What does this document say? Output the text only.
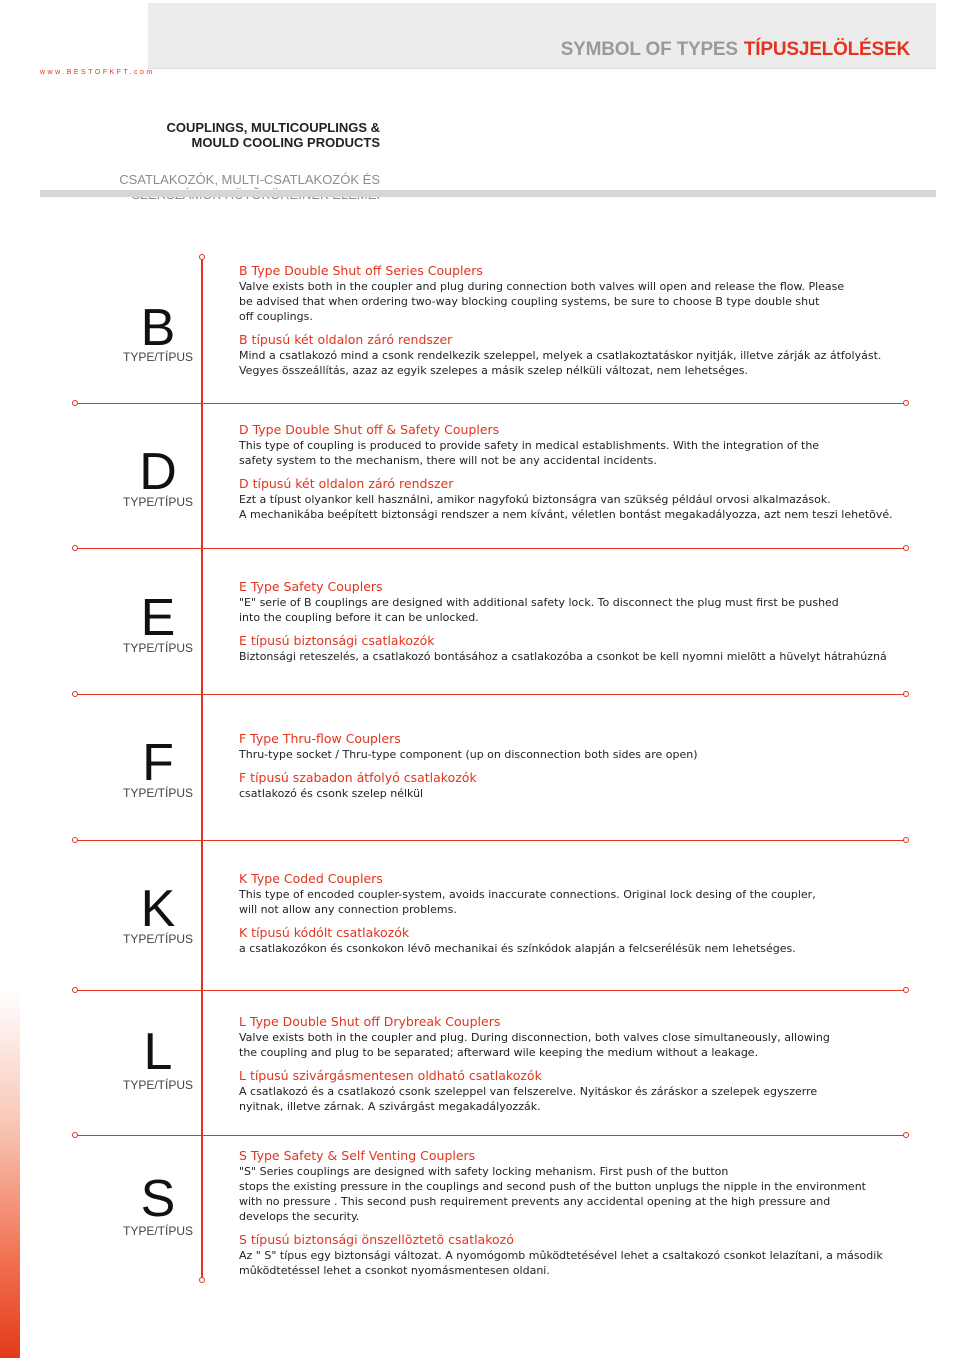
SYMBOL OF TYPES TÍPUSJELÖLÉSEK
www.BESTOFKFT.com
COUPLINGS, MULTICOUPLINGS &
MOULD COOLING PRODUCTS
CSATLAKOZÓK, MULTI-CSATLAKOZÓK ÉS
B
TYPE/TÍPUS
B Type Double Shut off Series Couplers

Valve exists both in the coupler and plug during connection both valves will open and release the flow. Please

be advised that when ordering two-way blocking coupling systems, be sure to choose B type double shut

off couplings.

B típusú két oldalon záró rendszer

Mind a csatlakozó mind a csonk rendelkezik szeleppel, melyek a csatlakoztatáskor nyitják, illetve zárják az átfolyást.

Vegyes összeállítás, azaz az egyik szelepes a másik szelep nélküli változat, nem lehetséges.

D
TYPE/TÍPUS
D Type Double Shut off & Safety Couplers

This type of coupling is produced to provide safety in medical establishments. With the integration of the

safety system to the mechanism, there will not be any accidental incidents.

D típusú két oldalon záró rendszer

Ezt a típust olyankor kell használni, amikor nagyfokú biztonságra van szükség például orvosi alkalmazások.

A mechanikába beépített biztonsági rendszer a nem kívánt, véletlen bontást megakadályozza, azt nem teszi lehetõvé.

E
TYPE/TÍPUS
E Type Safety Couplers

"E" serie of B couplings are designed with additional safety lock. To disconnect the plug must first be pushed

into the coupling before it can be unlocked.

E típusú biztonsági csatlakozók

Biztonsági reteszelés, a csatlakozó bontásához a csatlakozóba a csonkot be kell nyomni mielõtt a hüvelyt hátrahúzná

F
TYPE/TÍPUS
F Type Thru-flow Couplers

Thru-type socket / Thru-type component (up on disconnection both sides are open)

F típusú szabadon átfolyó csatlakozók

csatlakozó és csonk szelep nélkül

K
TYPE/TÍPUS
K Type Coded Couplers

This type of encoded coupler-system, avoids inaccurate connections. Original lock desing of the coupler,

will not allow any connection problems.

K típusú kódólt csatlakozók

a csatlakozókon és csonkokon lévõ mechanikai és színkódok alapján a felcserélésük nem lehetséges.

L
TYPE/TÍPUS
L Type Double Shut off Drybreak Couplers

Valve exists both in the coupler and plug. During disconnection, both valves close simultaneously, allowing

the coupling and plug to be separated; afterward wile keeping the medium without a leakage.

L típusú szivárgásmentesen oldható csatlakozók

A csatlakozó és a csatlakozó csonk szeleppel van felszerelve. Nyitáskor és záráskor a szelepek egyszerre

nyitnak, illetve zárnak. A szivárgást megakadályozzák.

S
TYPE/TÍPUS
S Type Safety & Self Venting Couplers

"S" Series couplings are designed with safety locking mehanism. First push of the button

stops the existing pressure in the couplings and second push of the button unplugs the nipple in the environment

with no pressure . This second push requirement prevents any accidental opening at the high pressure and

develops the security.

S típusú biztonsági önszellõztetõ csatlakozó

Az " S" típus egy biztonsági változat. A nyomógomb mûködtetésével lehet a csaltakozó csonkot lelazítani, a második

mûködtetéssel lehet a csonkot nyomásmentesen oldani.
